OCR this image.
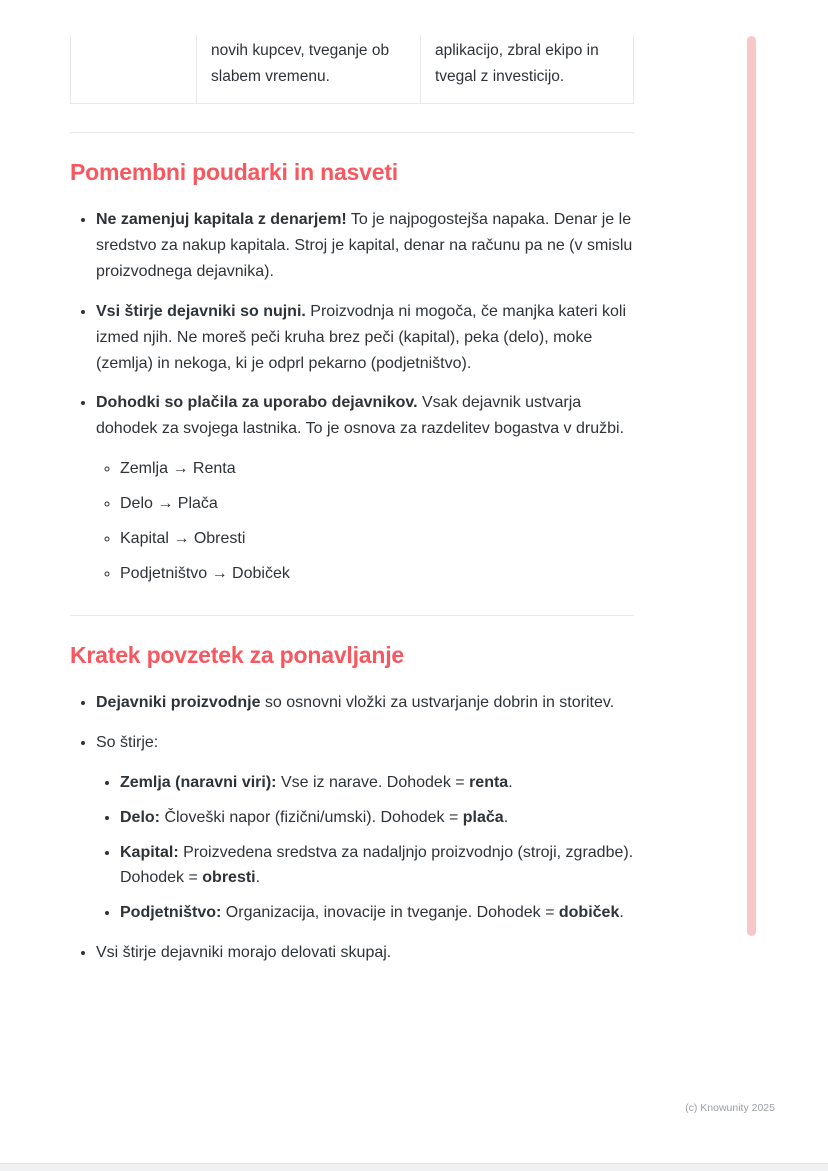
novih kupcev, tveganje ob slabem vremenu.
aplikacijo, zbral ekipo in tvegal z investicijo.
Pomembni poudarki in nasveti
• Ne zamenjuj kapitala z denarjem! To je najpogostejša napaka. Denar je le sredstvo za nakup kapitala. Stroj je kapital, denar na računu pa ne (v smislu proizvodnega dejavnika).
• Vsi štirje dejavniki so nujni. Proizvodnja ni mogoča, če manjka kateri koli izmed njih. Ne moreš peči kruha brez peči (kapital), peka (delo), moke (zemlja) in nekoga, ki je odprl pekarno (podjetništvo).
• Dohodki so plačila za uporabo dejavnikov. Vsak dejavnik ustvarja dohodek za svojega lastnika. To je osnova za razdelitev bogastva v družbi.
◦ Zemlja → Renta
◦ Delo → Plača
◦ Kapital → Obresti
◦ Podjetništvo → Dobiček
Kratek povzetek za ponavljanje
• Dejavniki proizvodnje so osnovni vložki za ustvarjanje dobrin in storitev.
• So štirje:
• Zemlja (naravni viri): Vse iz narave. Dohodek = renta.
• Delo: Človeški napor (fizični/umski). Dohodek = plača.
• Kapital: Proizvedena sredstva za nadaljnjo proizvodnjo (stroji, zgradbe). Dohodek = obresti.
• Podjetništvo: Organizacija, inovacije in tveganje. Dohodek = dobiček.
• Vsi štirje dejavniki morajo delovati skupaj.
(c) Knowunity 2025
